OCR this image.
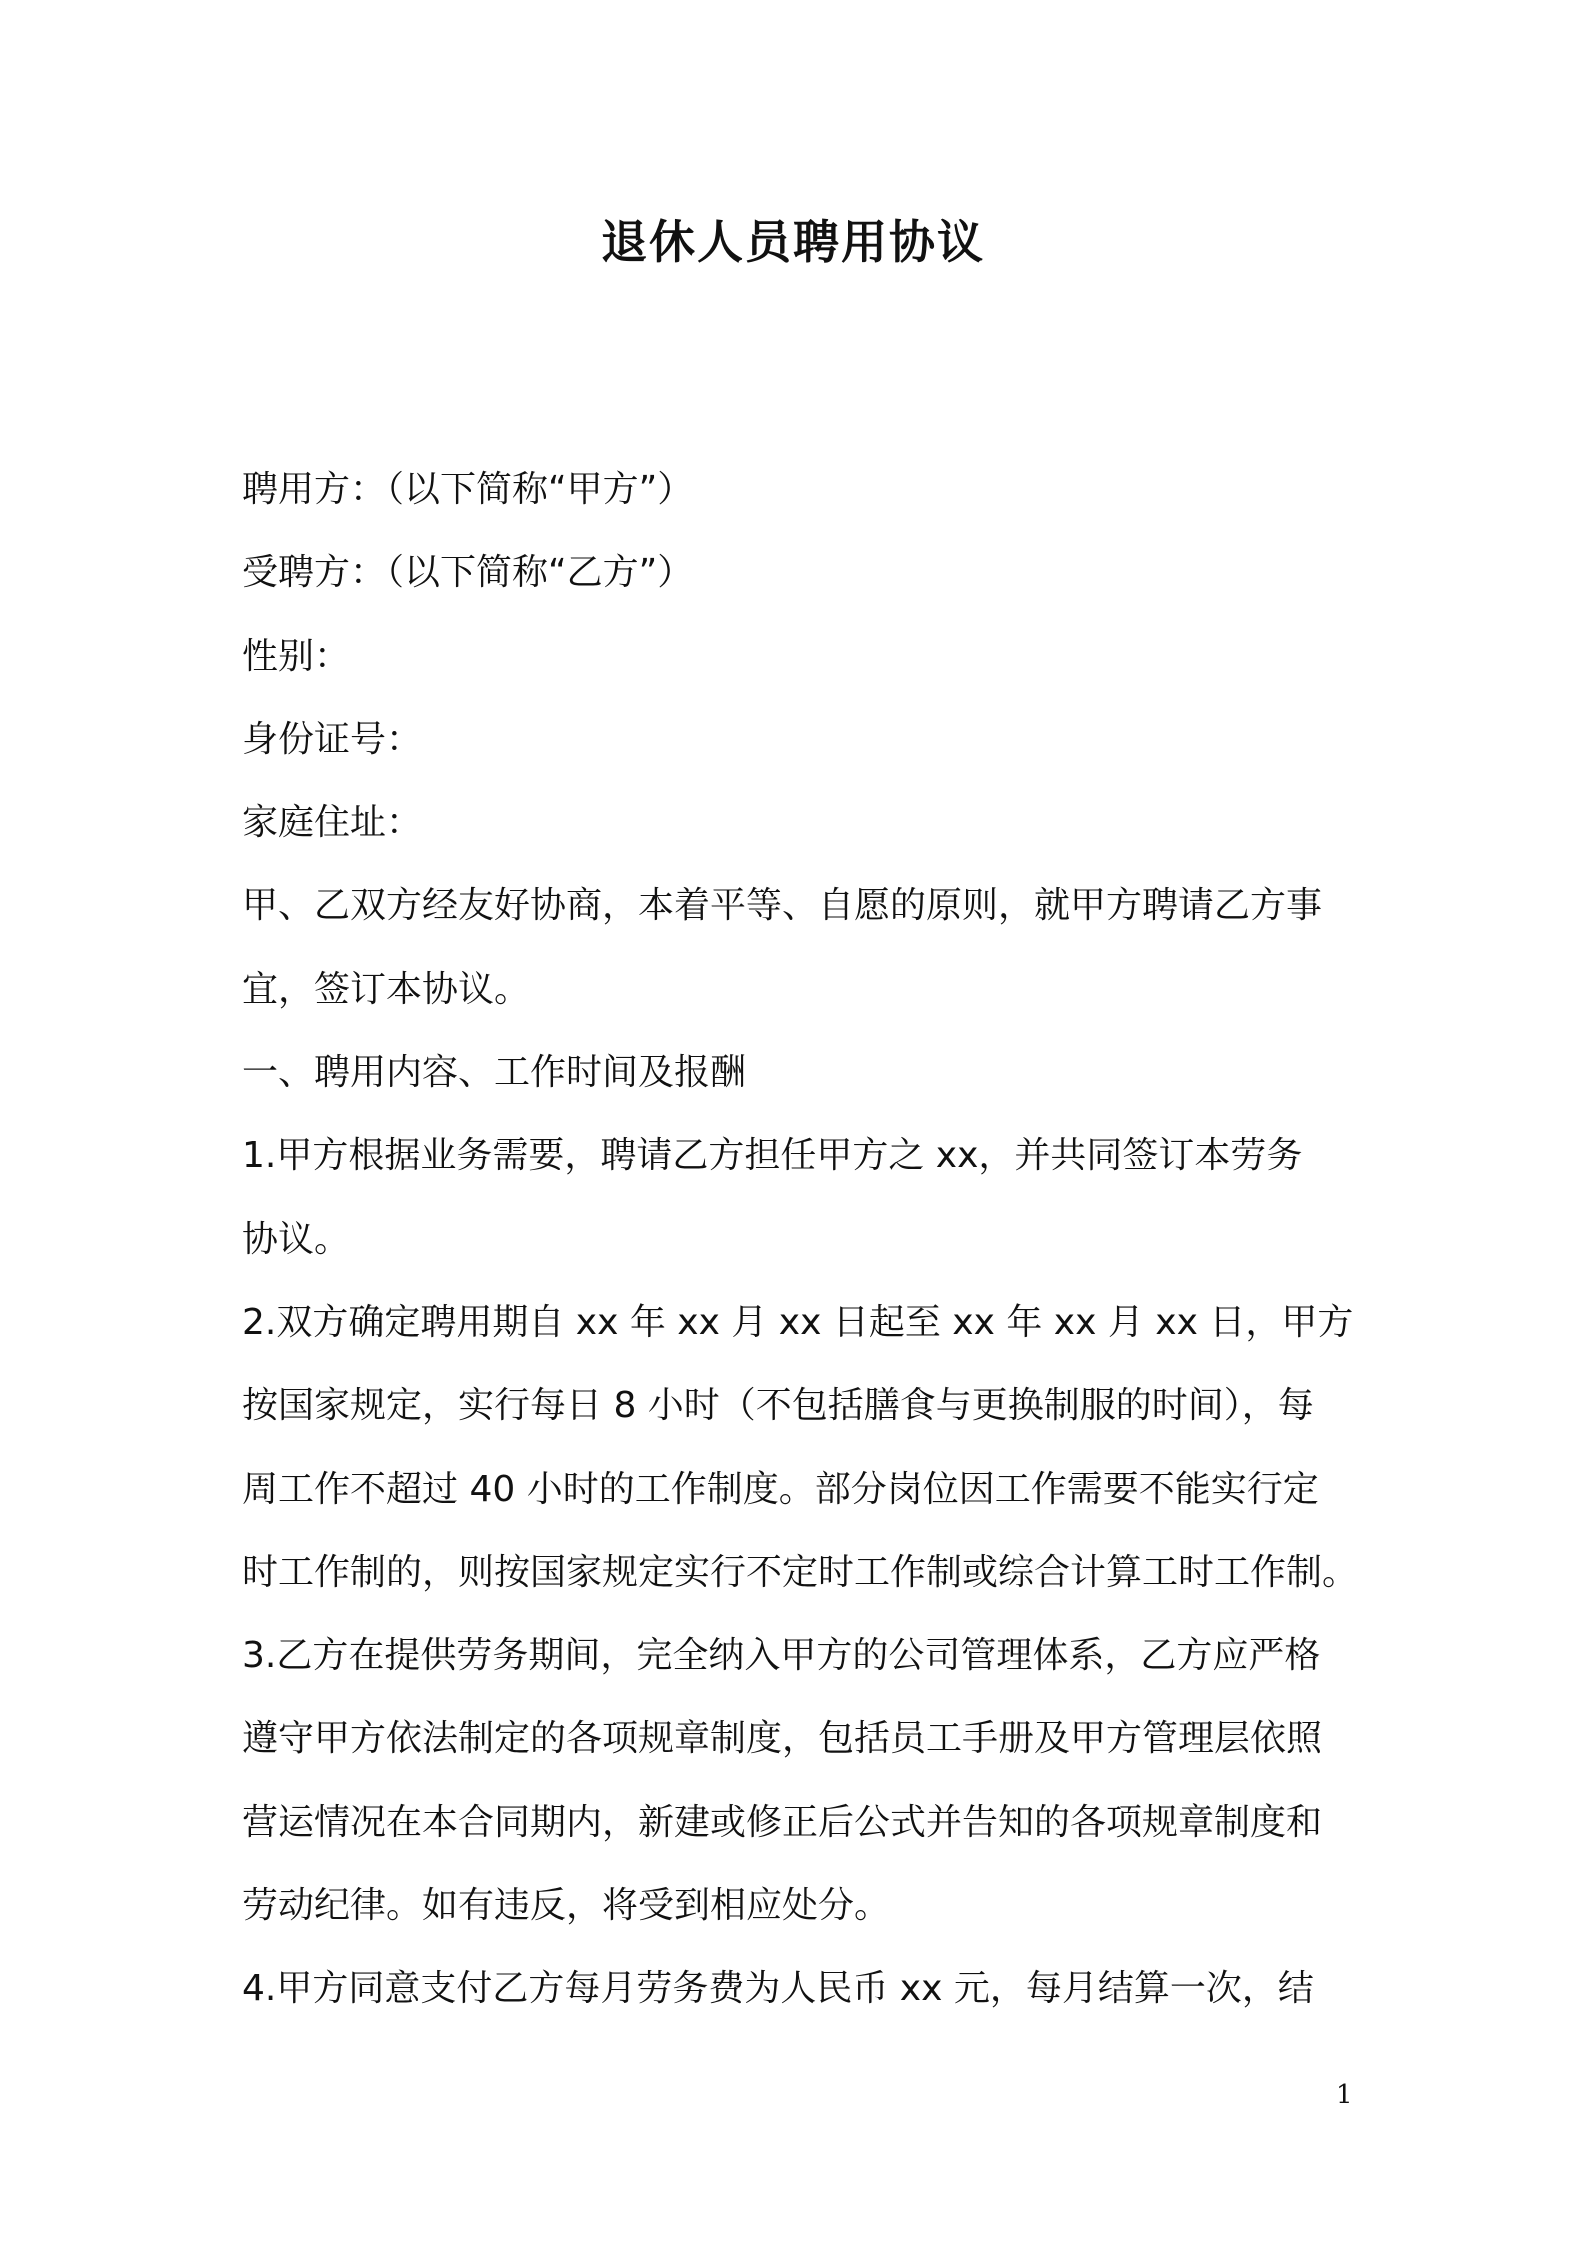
退休人员聘用协议
聘用方：（以下简称“甲方”）
受聘方：（以下简称“乙方”）
性别：
身份证号：
家庭住址：
甲、乙双方经友好协商，本着平等、自愿的原则，就甲方聘请乙方事
宜，签订本协议。
一、聘用内容、工作时间及报酬
1.甲方根据业务需要，聘请乙方担任甲方之 xx，并共同签订本劳务
协议。
2.双方确定聘用期自 xx 年 xx 月 xx 日起至 xx 年 xx 月 xx 日，甲方
按国家规定，实行每日 8 小时（不包括膳食与更换制服的时间），每
周工作不超过 40 小时的工作制度。部分岗位因工作需要不能实行定
时工作制的，则按国家规定实行不定时工作制或综合计算工时工作制。
3.乙方在提供劳务期间，完全纳入甲方的公司管理体系，乙方应严格
遵守甲方依法制定的各项规章制度，包括员工手册及甲方管理层依照
营运情况在本合同期内，新建或修正后公式并告知的各项规章制度和
劳动纪律。如有违反，将受到相应处分。
4.甲方同意支付乙方每月劳务费为人民币 xx 元，每月结算一次，结
1
